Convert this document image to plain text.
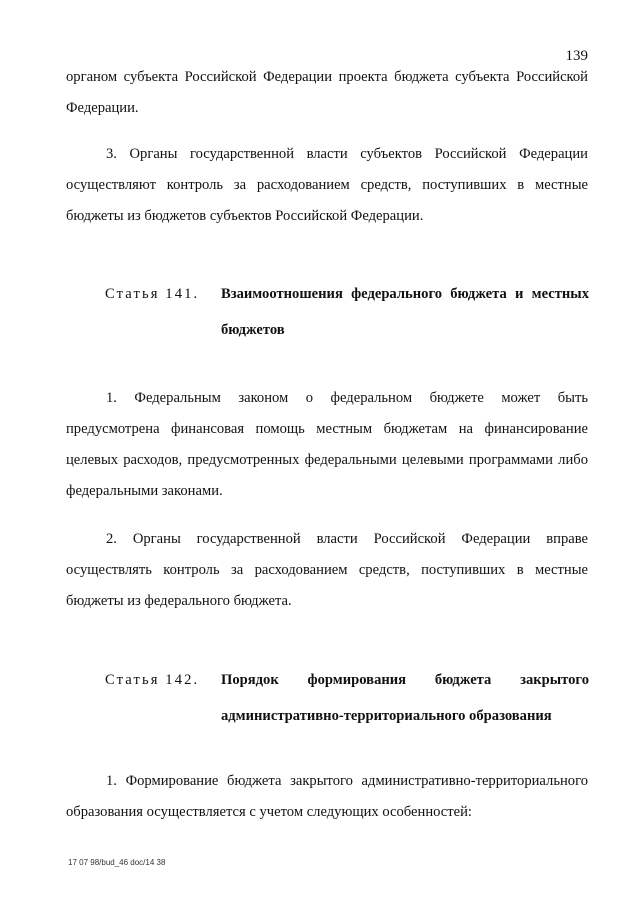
139

органом субъекта Российской Федерации проекта бюджета субъекта Российской Федерации.

3. Органы государственной власти субъектов Российской Федерации осуществляют контроль за расходованием средств, поступивших в местные бюджеты из бюджетов субъектов Российской Федерации.

Статья 141. Взаимоотношения федерального бюджета и местных бюджетов

1. Федеральным законом о федеральном бюджете может быть предусмотрена финансовая помощь местным бюджетам на финансирование целевых расходов, предусмотренных федеральными целевыми программами либо федеральными законами.

2. Органы государственной власти Российской Федерации вправе осуществлять контроль за расходованием средств, поступивших в местные бюджеты из федерального бюджета.

Статья 142. Порядок формирования бюджета закрытого административно-территориального образования

1. Формирование бюджета закрытого административно-территориального образования осуществляется с учетом следующих особенностей:

17 07 98/bud_46 doc/14 38
